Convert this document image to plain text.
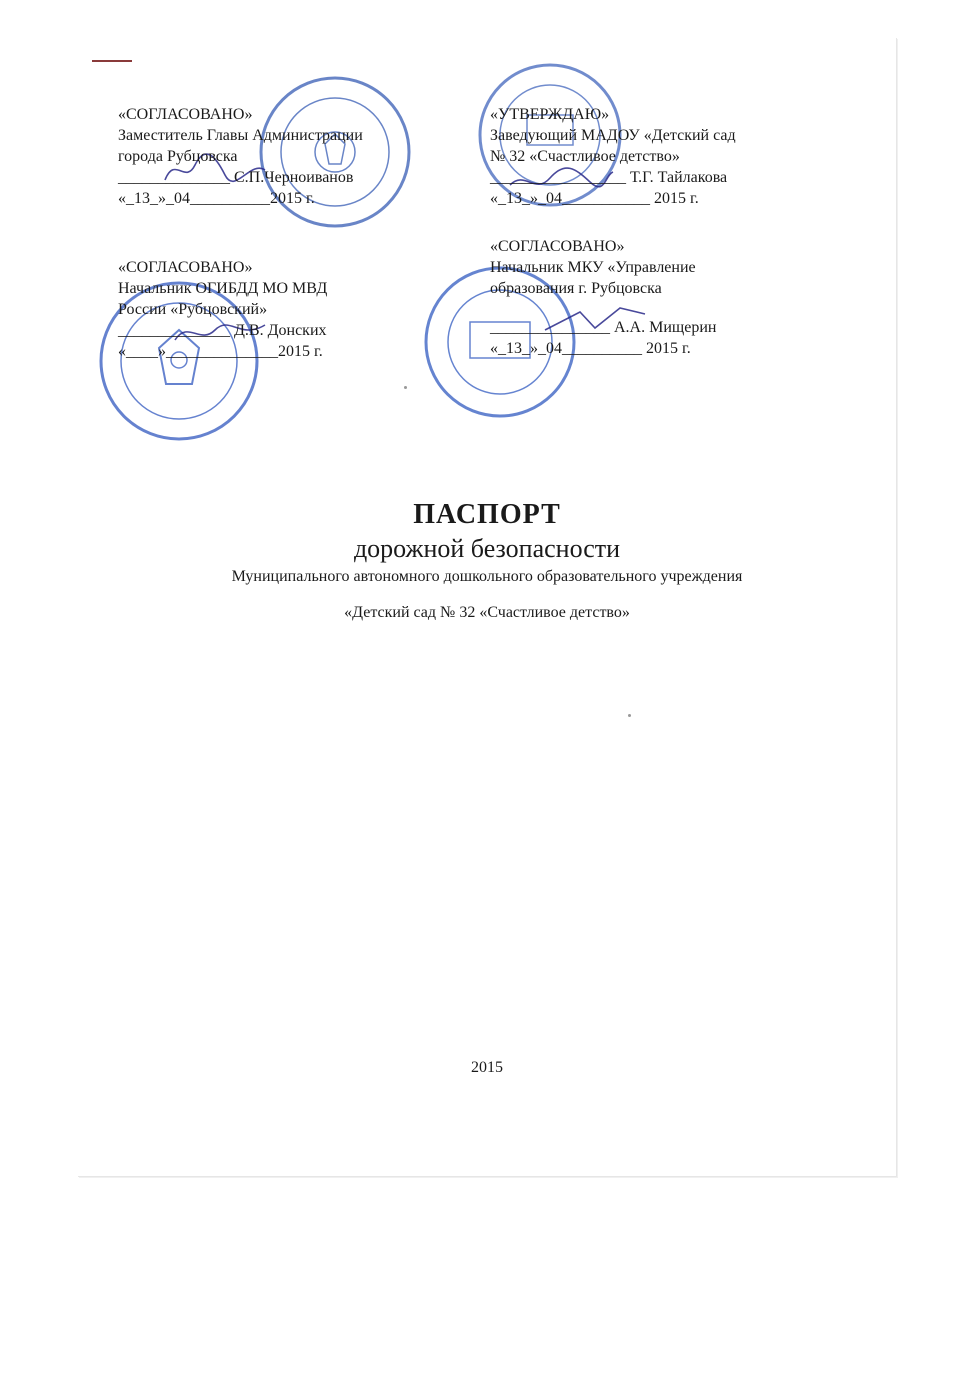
«СОГЛАСОВАНО»
Заместитель Главы Администрации
города Рубцовска
______________ С.П.Черноиванов
«_13_»_04__________2015 г.
«УТВЕРЖДАЮ»
Заведующий МАДОУ «Детский сад
№ 32 «Счастливое детство»
_________________ Т.Г. Тайлакова
«_13_»_04___________ 2015 г.
«СОГЛАСОВАНО»
Начальник ОГИБДД МО МВД
России «Рубцовский»
______________ Д.В. Донских
«____»______________2015 г.
«СОГЛАСОВАНО»
Начальник МКУ «Управление
образования г. Рубцовска
_______________ А.А. Мищерин
«_13_»_04__________ 2015 г.
ПАСПОРТ
дорожной безопасности
Муниципального автономного дошкольного образовательного учреждения
«Детский сад № 32 «Счастливое детство»
2015
